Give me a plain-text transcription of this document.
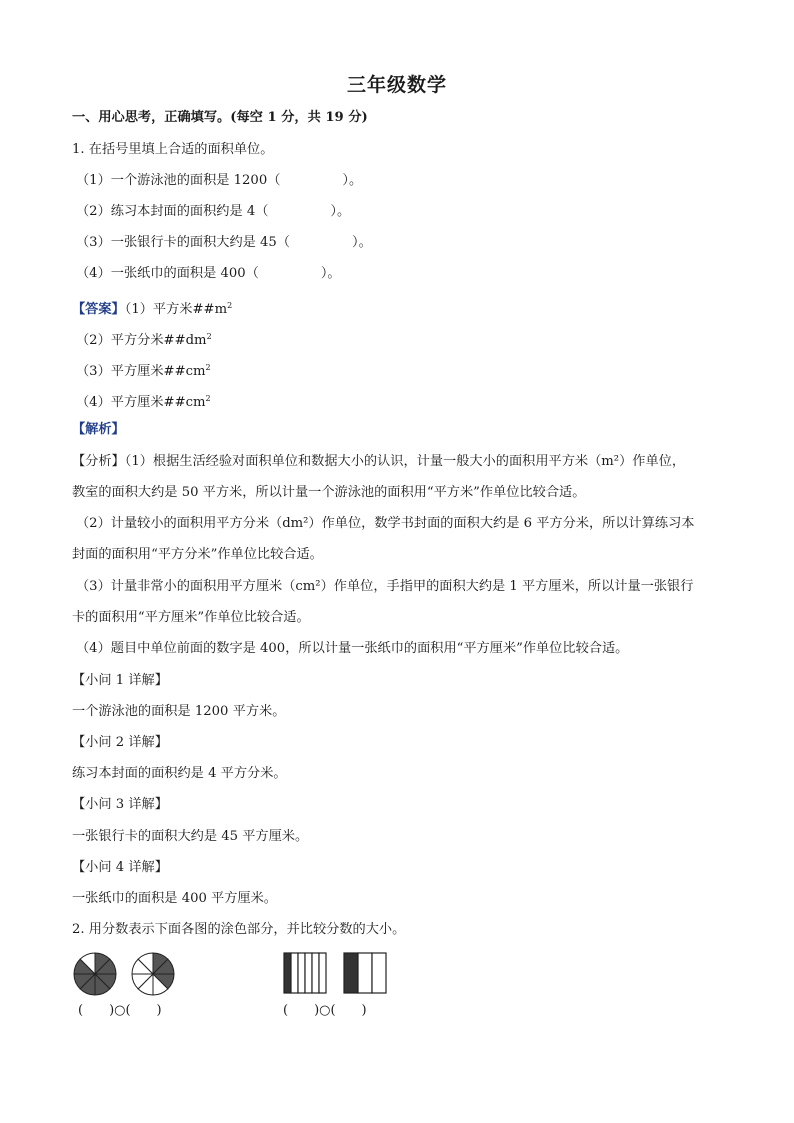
三年级数学
一、用心思考，正确填写。(每空 1 分，共 19 分)
1. 在括号里填上合适的面积单位。
（1）一个游泳池的面积是 1200（	）。
（2）练习本封面的面积约是 4（	）。
（3）一张银行卡的面积大约是 45（	）。
（4）一张纸巾的面积是 400（	）。
【答案】（1）平方米$\#\#m^2$
（2）平方分米$\#\#dm^2$
（3）平方厘米$\#\#cm^2$
（4）平方厘米$\#\#cm^2$
【解析】
【分析】（1）根据生活经验对面积单位和数据大小的认识，计量一般大小的面积用平方米（m²）作单位，
教室的面积大约是 50 平方米，所以计量一个游泳池的面积用“平方米”作单位比较合适。
（2）计量较小的面积用平方分米（dm²）作单位，数学书封面的面积大约是 6 平方分米，所以计算练习本
封面的面积用“平方分米”作单位比较合适。
（3）计量非常小的面积用平方厘米（cm²）作单位，手指甲的面积大约是 1 平方厘米，所以计量一张银行
卡的面积用“平方厘米”作单位比较合适。
（4）题目中单位前面的数字是 400，所以计量一张纸巾的面积用“平方厘米”作单位比较合适。
【小问 1 详解】
一个游泳池的面积是 1200 平方米。
【小问 2 详解】
练习本封面的面积约是 4 平方分米。
【小问 3 详解】
一张银行卡的面积大约是 45 平方厘米。
【小问 4 详解】
一张纸巾的面积是 400 平方厘米。
2. 用分数表示下面各图的涂色部分，并比较分数的大小。
(　　)○(　　)	(　　)○(　　)
